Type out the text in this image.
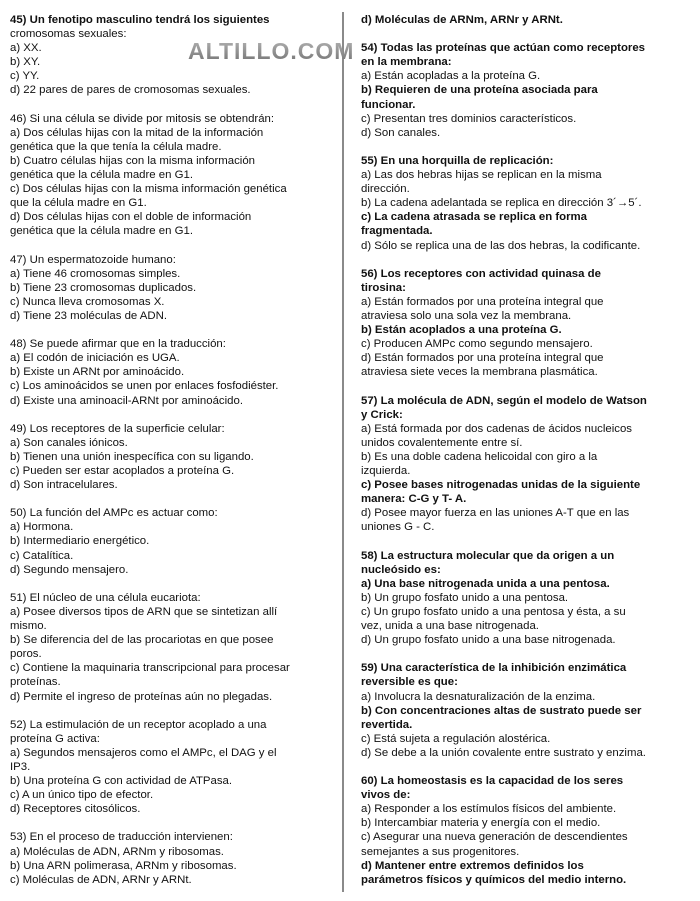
45) Un fenotipo masculino tendrá los siguientes
cromosomas sexuales:
a) XX.
b) XY.
c) YY.
d) 22 pares de pares de cromosomas sexuales.
46) Si una célula se divide por mitosis se obtendrán:
a) Dos células hijas con la mitad de la información
genética que la que tenía la célula madre.
b) Cuatro células hijas con la misma información
genética que la célula madre en G1.
c) Dos células hijas con la misma información genética
que la célula madre en G1.
d) Dos células hijas con el doble de información
genética que la célula madre en G1.
47) Un espermatozoide humano:
a) Tiene 46 cromosomas simples.
b) Tiene 23 cromosomas duplicados.
c) Nunca lleva cromosomas X.
d) Tiene 23 moléculas de ADN.
48) Se puede afirmar que en la traducción:
a) El codón de iniciación es UGA.
b) Existe un ARNt por aminoácido.
c) Los aminoácidos se unen por enlaces fosfodiéster.
d) Existe una aminoacil-ARNt por aminoácido.
49) Los receptores de la superficie celular:
a) Son canales iónicos.
b) Tienen una unión inespecífica con su ligando.
c) Pueden ser estar acoplados a proteína G.
d) Son intracelulares.
50) La función del AMPc es actuar como:
a) Hormona.
b) Intermediario energético.
c) Catalítica.
d) Segundo mensajero.
51) El núcleo de una célula eucariota:
a) Posee diversos tipos de ARN que se sintetizan allí
mismo.
b) Se diferencia del de las procariotas en que posee
poros.
c) Contiene la maquinaria transcripcional para procesar
proteínas.
d) Permite el ingreso de proteínas aún no plegadas.
52) La estimulación de un receptor acoplado a una
proteína G activa:
a) Segundos mensajeros como el AMPc, el DAG y el
IP3.
b) Una proteína G con actividad de ATPasa.
c) A un único tipo de efector.
d) Receptores citosólicos.
53) En el proceso de traducción intervienen:
a) Moléculas de ADN, ARNm y ribosomas.
b) Una ARN polimerasa, ARNm y ribosomas.
c) Moléculas de ADN, ARNr y ARNt.
d) Moléculas de ARNm, ARNr y ARNt.
54) Todas las proteínas que actúan como receptores
en la membrana:
a) Están acopladas a la proteína G.
b) Requieren de una proteína asociada para
funcionar.
c) Presentan tres dominios característicos.
d) Son canales.
55) En una horquilla de replicación:
a) Las dos hebras hijas se replican en la misma
dirección.
b) La cadena adelantada se replica en dirección 3´→5´.
c) La cadena atrasada se replica en forma
fragmentada.
d) Sólo se replica una de las dos hebras, la codificante.
56) Los receptores con actividad quinasa de
tirosina:
a) Están formados por una proteína integral que
atraviesa solo una sola vez la membrana.
b) Están acoplados a una proteína G.
c) Producen AMPc como segundo mensajero.
d) Están formados por una proteína integral que
atraviesa siete veces la membrana plasmática.
57) La molécula de ADN, según el modelo de Watson
y Crick:
a) Está formada por dos cadenas de ácidos nucleicos
unidos covalentemente entre sí.
b) Es una doble cadena helicoidal con giro a la
izquierda.
c) Posee bases nitrogenadas unidas de la siguiente
manera: C-G y T- A.
d) Posee mayor fuerza en las uniones A-T que en las
uniones G - C.
58) La estructura molecular que da origen a un
nucleósido es:
a) Una base nitrogenada unida a una pentosa.
b) Un grupo fosfato unido a una pentosa.
c) Un grupo fosfato unido a una pentosa y ésta, a su
vez, unida a una base nitrogenada.
d) Un grupo fosfato unido a una base nitrogenada.
59) Una característica de la inhibición enzimática
reversible es que:
a) Involucra la desnaturalización de la enzima.
b) Con concentraciones altas de sustrato puede ser
revertida.
c) Está sujeta a regulación alostérica.
d) Se debe a la unión covalente entre sustrato y enzima.
60) La homeostasis es la capacidad de los seres
vivos de:
a) Responder a los estímulos físicos del ambiente.
b) Intercambiar materia y energía con el medio.
c) Asegurar una nueva generación de descendientes
semejantes a sus progenitores.
d) Mantener entre extremos definidos los
parámetros físicos y químicos del medio interno.
ALTILLO.COM
